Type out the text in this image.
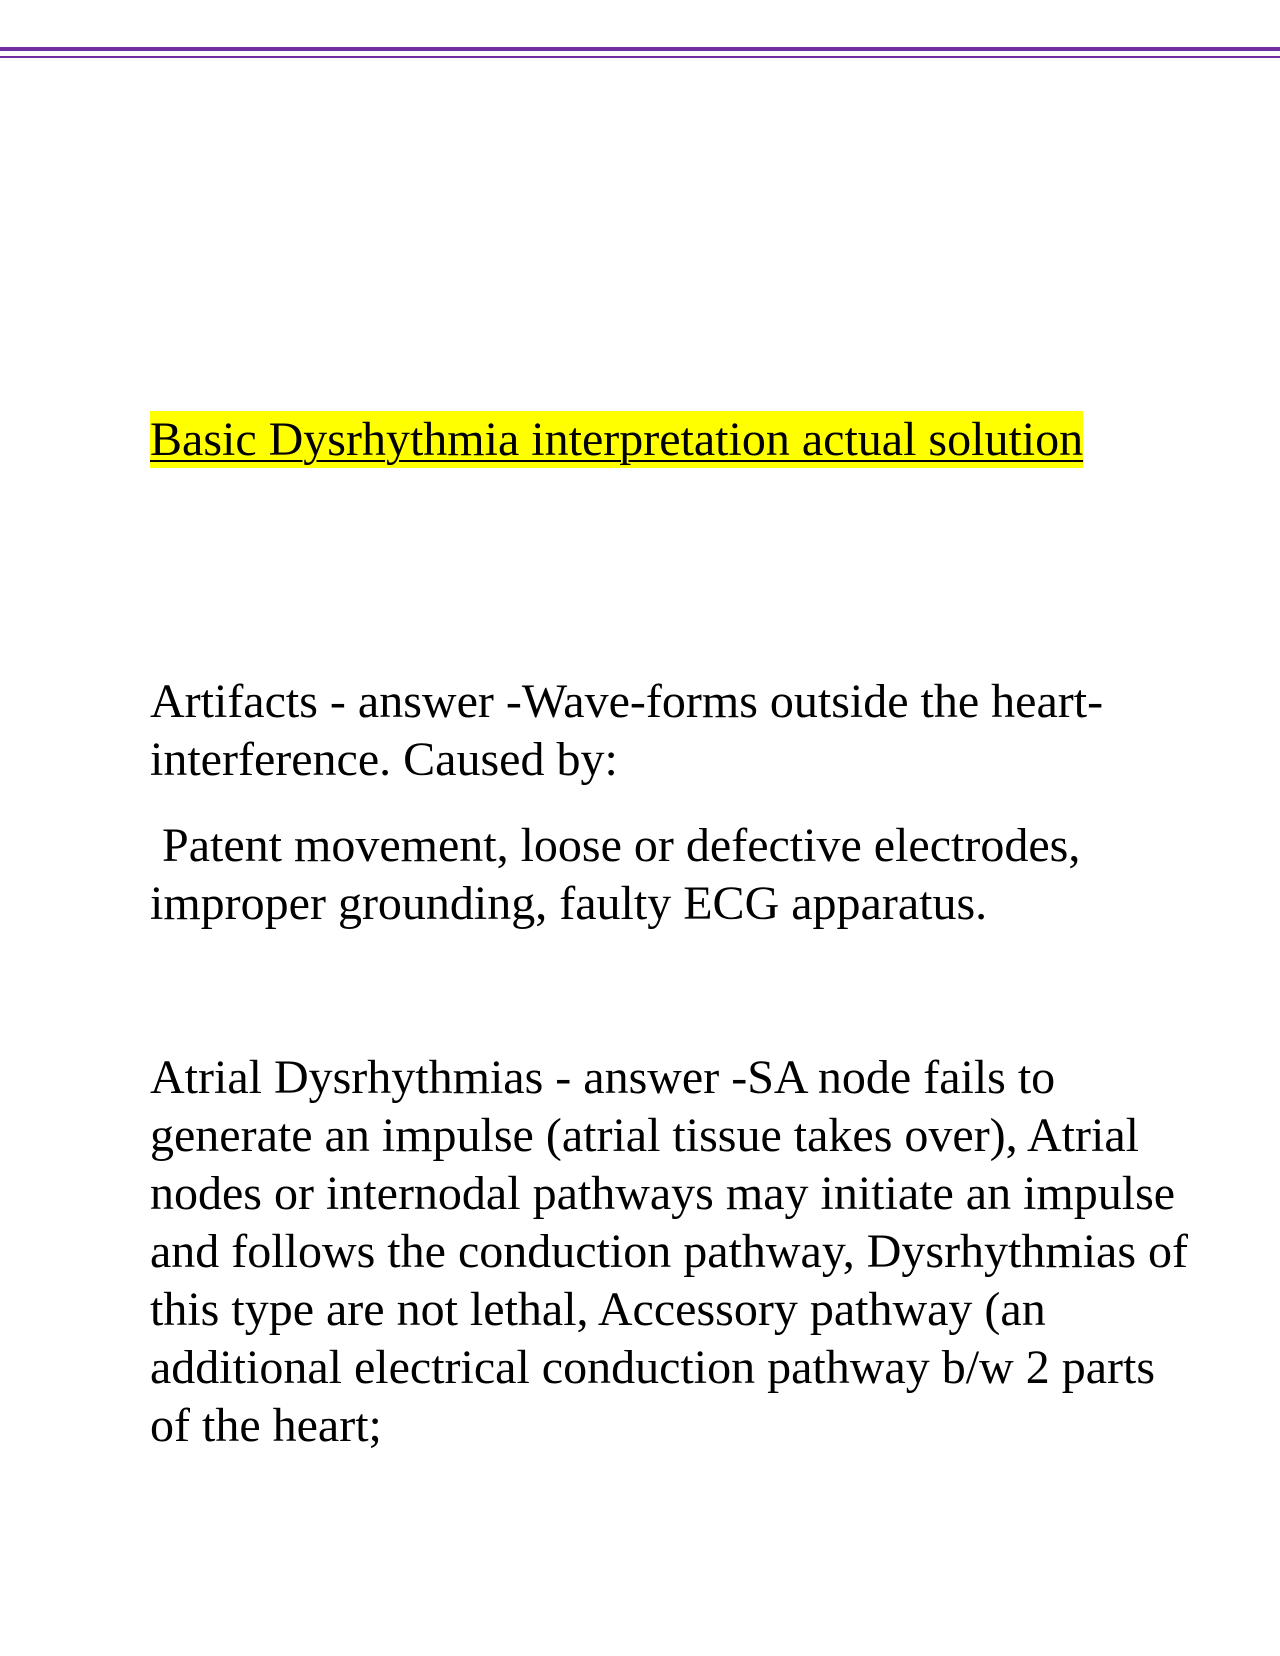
Basic Dysrhythmia interpretation actual solution

Artifacts - answer -Wave-forms outside the heart-interference. Caused by:

Patent movement, loose or defective electrodes, improper grounding, faulty ECG apparatus.

Atrial Dysrhythmias - answer -SA node fails to generate an impulse (atrial tissue takes over), Atrial nodes or internodal pathways may initiate an impulse and follows the conduction pathway, Dysrhythmias of this type are not lethal, Accessory pathway (an additional electrical conduction pathway b/w 2 parts of the heart;
